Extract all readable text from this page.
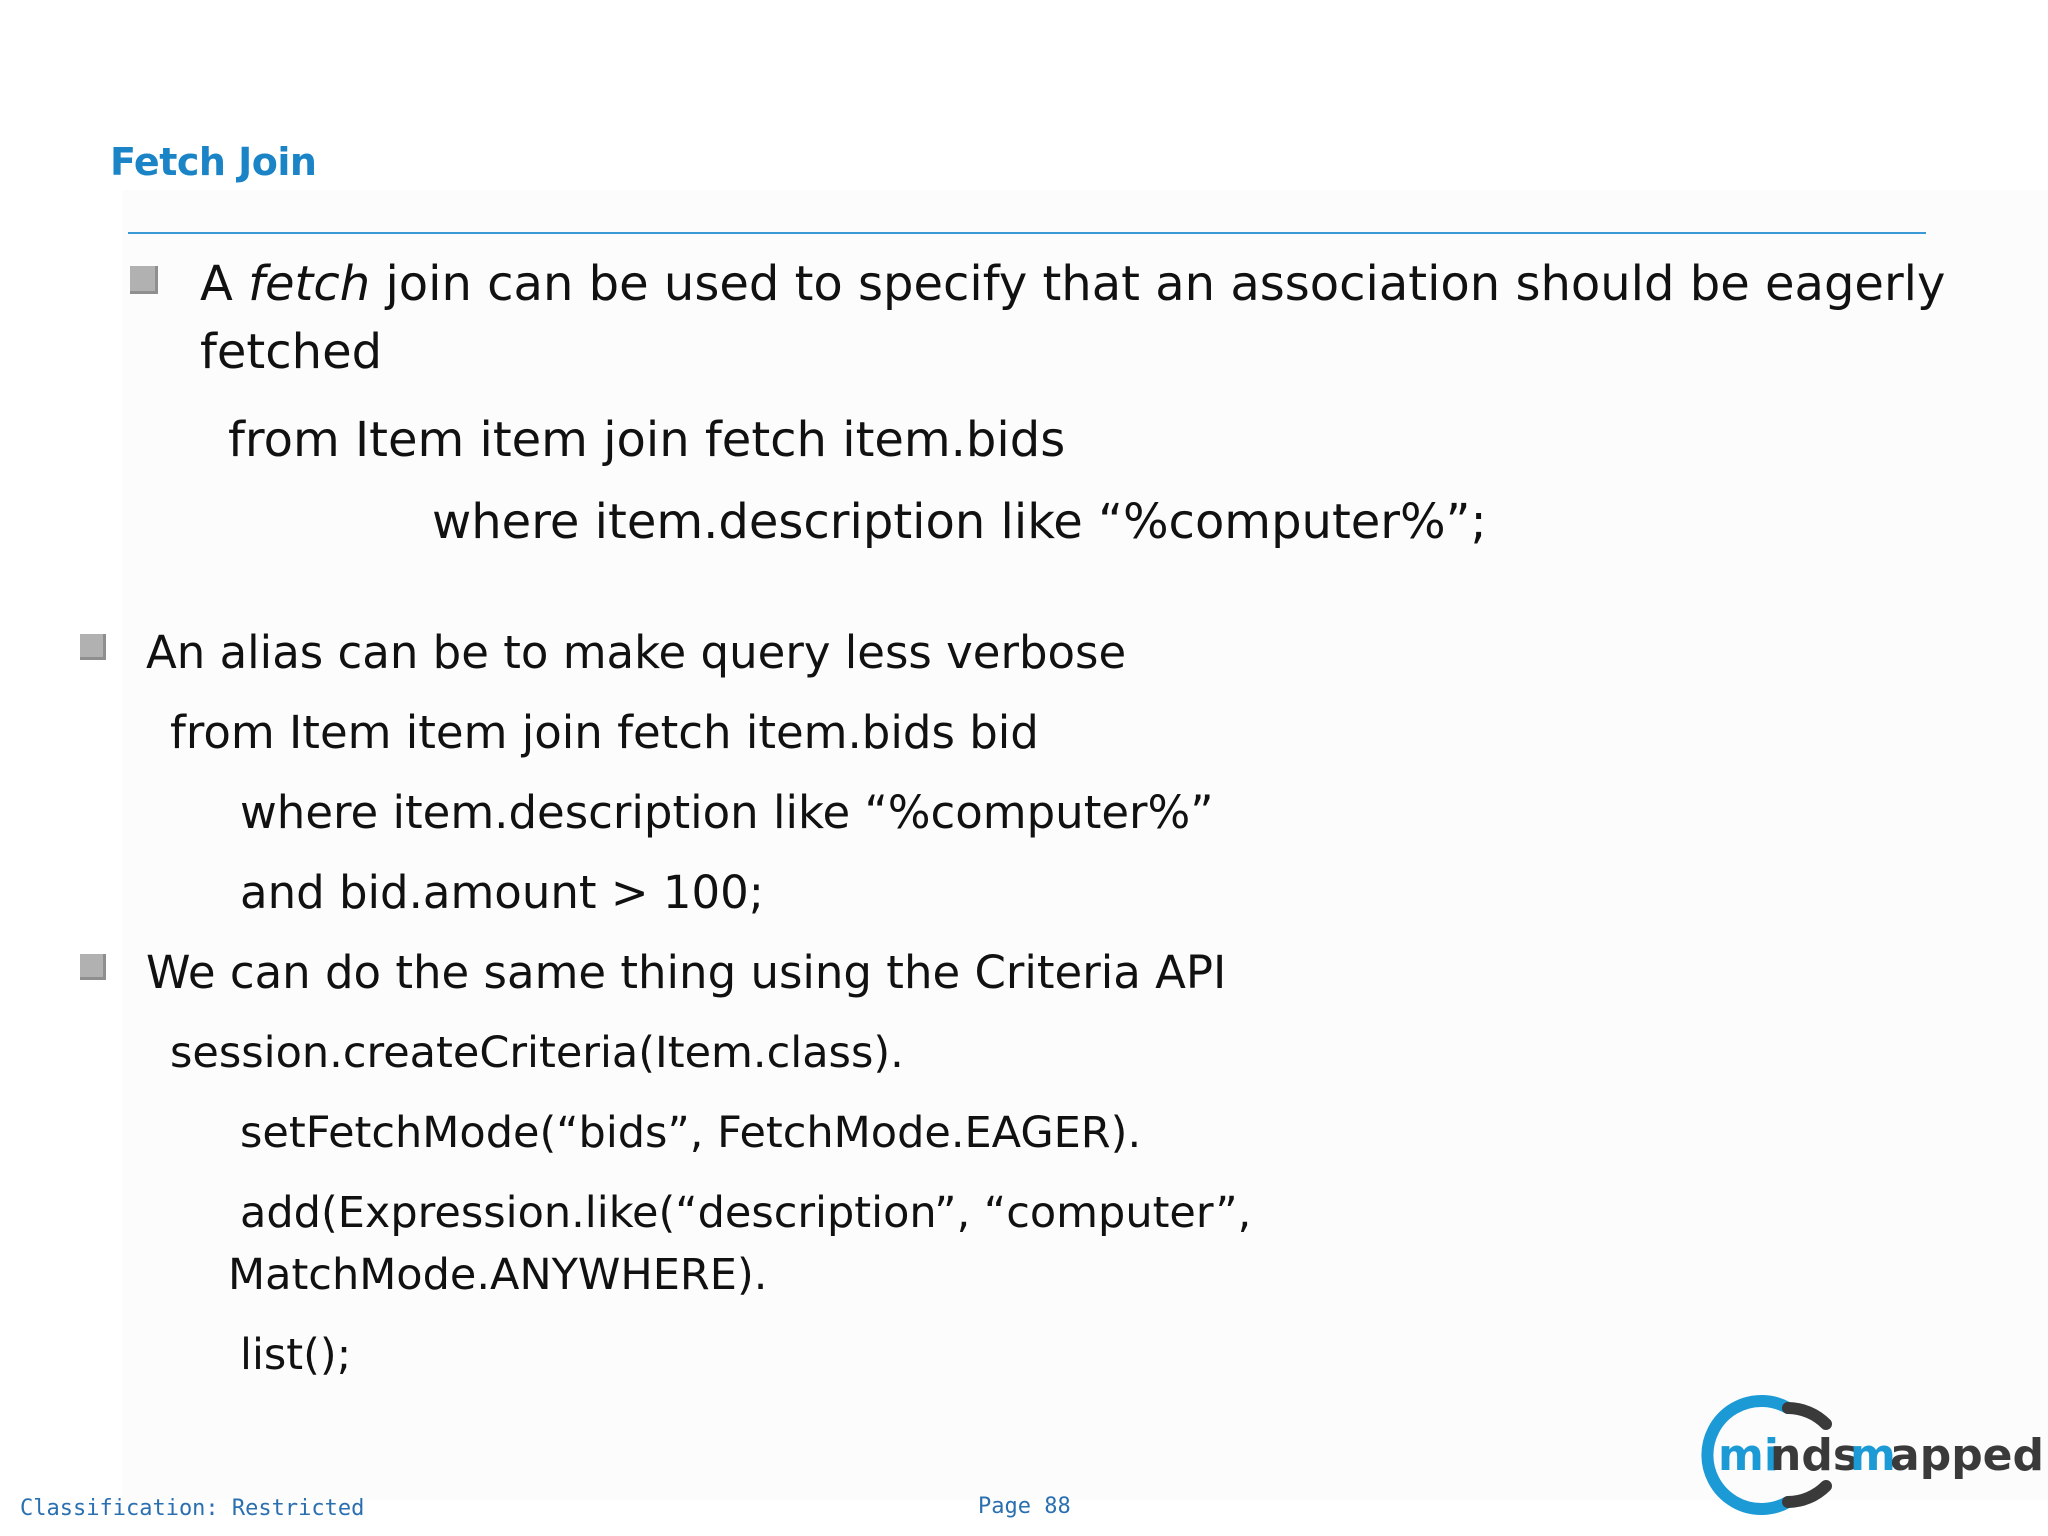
Fetch Join
A fetch join can be used to specify that an association should be eagerly
fetched
from Item item join fetch item.bids
where item.description like “%computer%”;
An alias can be to make query less verbose
from Item item join fetch item.bids bid
where item.description like “%computer%”
and bid.amount > 100;
We can do the same thing using the Criteria API
session.createCriteria(Item.class).
setFetchMode(“bids”, FetchMode.EAGER).
add(Expression.like(“description”, “computer”,
MatchMode.ANYWHERE).
list();
mi
nds
m
apped
Classification: Restricted	Page 88
